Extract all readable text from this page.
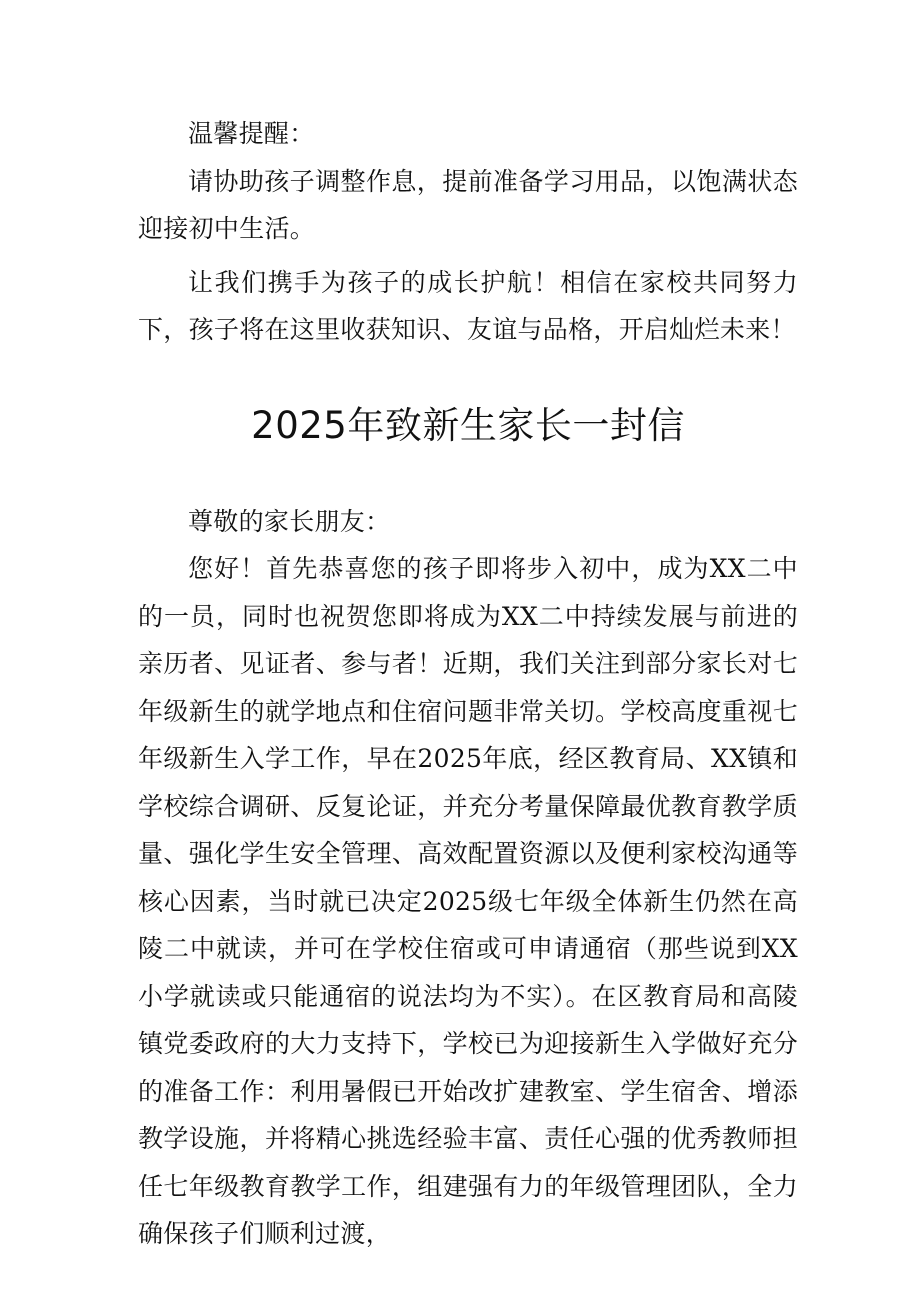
温馨提醒：

请协助孩子调整作息，提前准备学习用品，以饱满状态迎接初中生活。

让我们携手为孩子的成长护航！相信在家校共同努力下，孩子将在这里收获知识、友谊与品格，开启灿烂未来！

2025年致新生家长一封信

尊敬的家长朋友：

您好！首先恭喜您的孩子即将步入初中，成为XX二中的一员，同时也祝贺您即将成为XX二中持续发展与前进的亲历者、见证者、参与者！近期，我们关注到部分家长对七年级新生的就学地点和住宿问题非常关切。学校高度重视七年级新生入学工作，早在2025年底，经区教育局、XX镇和学校综合调研、反复论证，并充分考量保障最优教育教学质量、强化学生安全管理、高效配置资源以及便利家校沟通等核心因素，当时就已决定2025级七年级全体新生仍然在高陵二中就读，并可在学校住宿或可申请通宿（那些说到XX小学就读或只能通宿的说法均为不实）。在区教育局和高陵镇党委政府的大力支持下，学校已为迎接新生入学做好充分的准备工作：利用暑假已开始改扩建教室、学生宿舍、增添教学设施，并将精心挑选经验丰富、责任心强的优秀教师担任七年级教育教学工作，组建强有力的年级管理团队，全力确保孩子们顺利过渡，
